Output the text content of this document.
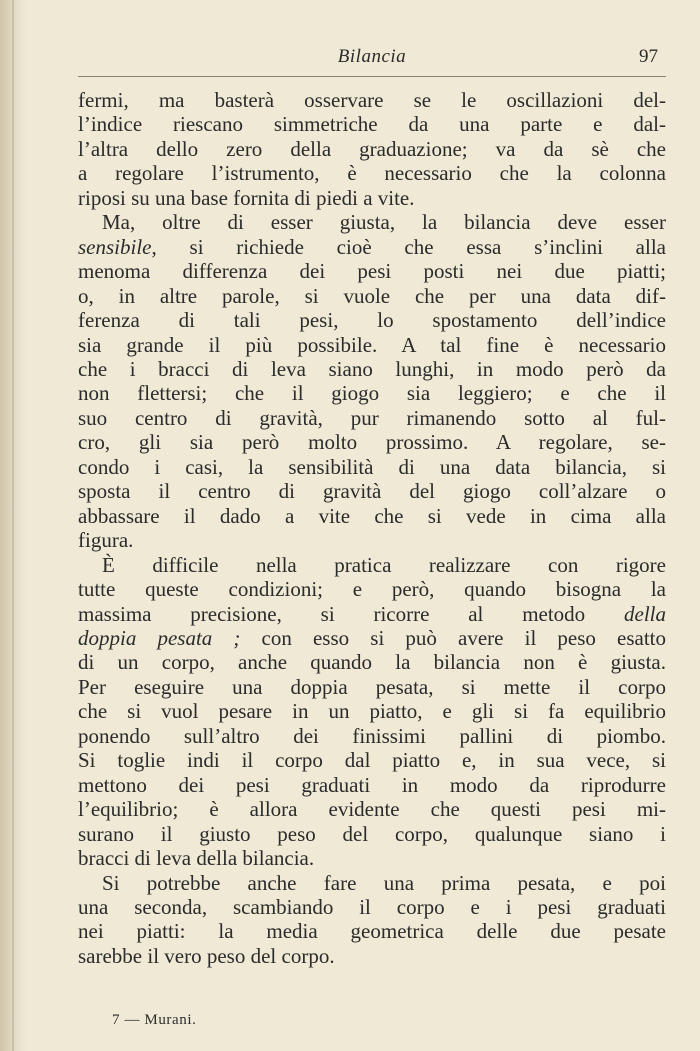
Bilancia	97
fermi, ma basterà osservare se le oscillazioni del-
l’indice riescano simmetriche da una parte e dal-
l’altra dello zero della graduazione; va da sè che
a regolare l’istrumento, è necessario che la colonna
riposi su una base fornita di piedi a vite.
Ma, oltre di esser giusta, la bilancia deve esser
sensibile, si richiede cioè che essa s’inclini alla
menoma differenza dei pesi posti nei due piatti;
o, in altre parole, si vuole che per una data dif-
ferenza di tali pesi, lo spostamento dell’indice
sia grande il più possibile. A tal fine è necessario
che i bracci di leva siano lunghi, in modo però da
non flettersi; che il giogo sia leggiero; e che il
suo centro di gravità, pur rimanendo sotto al ful-
cro, gli sia però molto prossimo. A regolare, se-
condo i casi, la sensibilità di una data bilancia, si
sposta il centro di gravità del giogo coll’alzare o
abbassare il dado a vite che si vede in cima alla
figura.
È difficile nella pratica realizzare con rigore
tutte queste condizioni; e però, quando bisogna la
massima precisione, si ricorre al metodo della
doppia pesata ; con esso si può avere il peso esatto
di un corpo, anche quando la bilancia non è giusta.
Per eseguire una doppia pesata, si mette il corpo
che si vuol pesare in un piatto, e gli si fa equilibrio
ponendo sull’altro dei finissimi pallini di piombo.
Si toglie indi il corpo dal piatto e, in sua vece, si
mettono dei pesi graduati in modo da riprodurre
l’equilibrio; è allora evidente che questi pesi mi-
surano il giusto peso del corpo, qualunque siano i
bracci di leva della bilancia.
Si potrebbe anche fare una prima pesata, e poi
una seconda, scambiando il corpo e i pesi graduati
nei piatti: la media geometrica delle due pesate
sarebbe il vero peso del corpo.
7 — Murani.
